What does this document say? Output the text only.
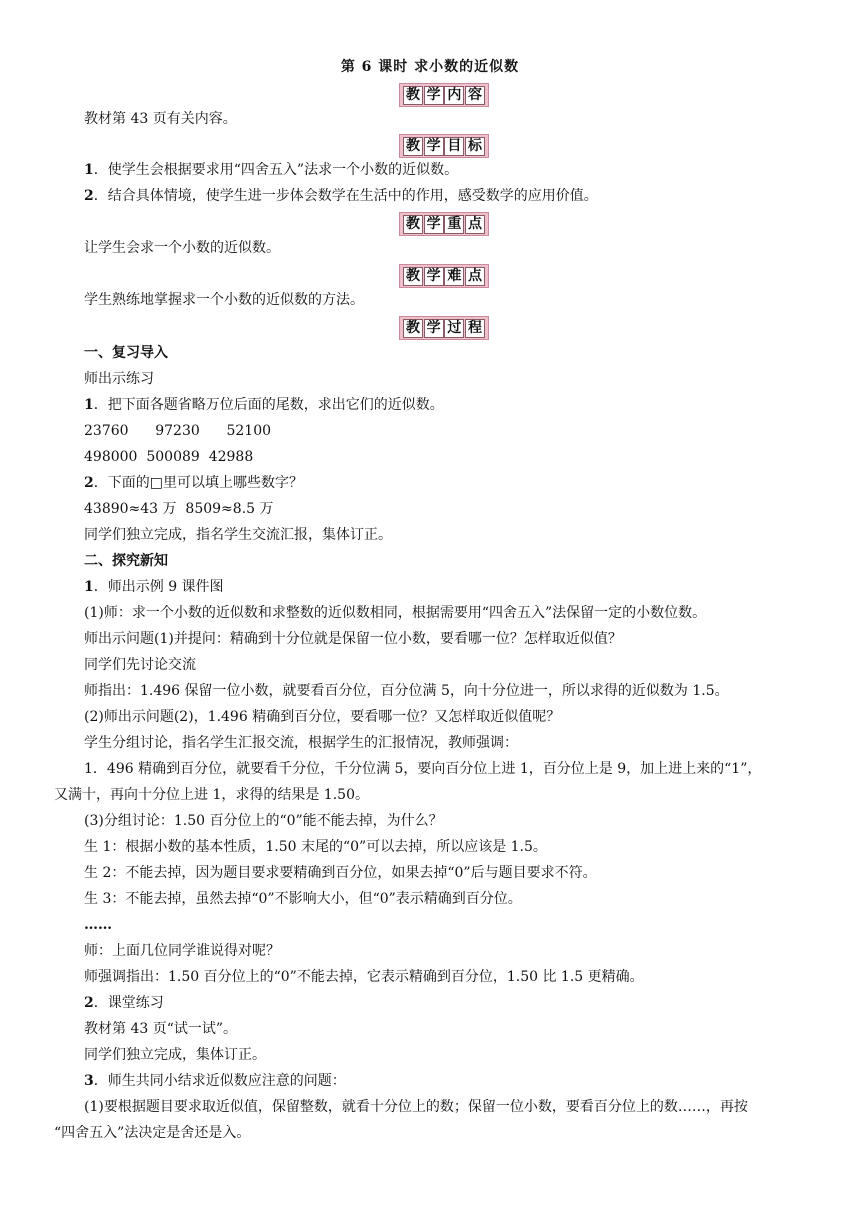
第 6 课时 求小数的近似数
教 学 内 容
教材第 43 页有关内容。
教 学 目 标
1．使学生会根据要求用“四舍五入”法求一个小数的近似数。
2．结合具体情境，使学生进一步体会数学在生活中的作用，感受数学的应用价值。
教 学 重 点
让学生会求一个小数的近似数。
教 学 难 点
学生熟练地掌握求一个小数的近似数的方法。
教 学 过 程
一、复习导入
师出示练习
1．把下面各题省略万位后面的尾数，求出它们的近似数。
23760      97230      52100
498000  500089  42988
2．下面的□里可以填上哪些数字？
43890≈43 万  8509≈8.5 万
同学们独立完成，指名学生交流汇报，集体订正。
二、探究新知
1．师出示例 9 课件图
(1)师：求一个小数的近似数和求整数的近似数相同，根据需要用“四舍五入”法保留一定的小数位数。
师出示问题(1)并提问：精确到十分位就是保留一位小数，要看哪一位？怎样取近似值？
同学们先讨论交流
师指出：1.496 保留一位小数，就要看百分位，百分位满 5，向十分位进一，所以求得的近似数为 1.5。
(2)师出示问题(2)，1.496 精确到百分位，要看哪一位？又怎样取近似值呢？
学生分组讨论，指名学生汇报交流，根据学生的汇报情况，教师强调：
1．496 精确到百分位，就要看千分位，千分位满 5，要向百分位上进 1，百分位上是 9，加上进上来的“1”，
又满十，再向十分位上进 1，求得的结果是 1.50。
(3)分组讨论：1.50 百分位上的“0”能不能去掉，为什么？
生 1：根据小数的基本性质，1.50 末尾的“0”可以去掉，所以应该是 1.5。
生 2：不能去掉，因为题目要求要精确到百分位，如果去掉“0”后与题目要求不符。
生 3：不能去掉，虽然去掉“0”不影响大小，但“0”表示精确到百分位。
……
师：上面几位同学谁说得对呢？
师强调指出：1.50 百分位上的“0”不能去掉，它表示精确到百分位，1.50 比 1.5 更精确。
2．课堂练习
教材第 43 页“试一试”。
同学们独立完成，集体订正。
3．师生共同小结求近似数应注意的问题：
(1)要根据题目要求取近似值，保留整数，就看十分位上的数；保留一位小数，要看百分位上的数……，再按
“四舍五入”法决定是舍还是入。
